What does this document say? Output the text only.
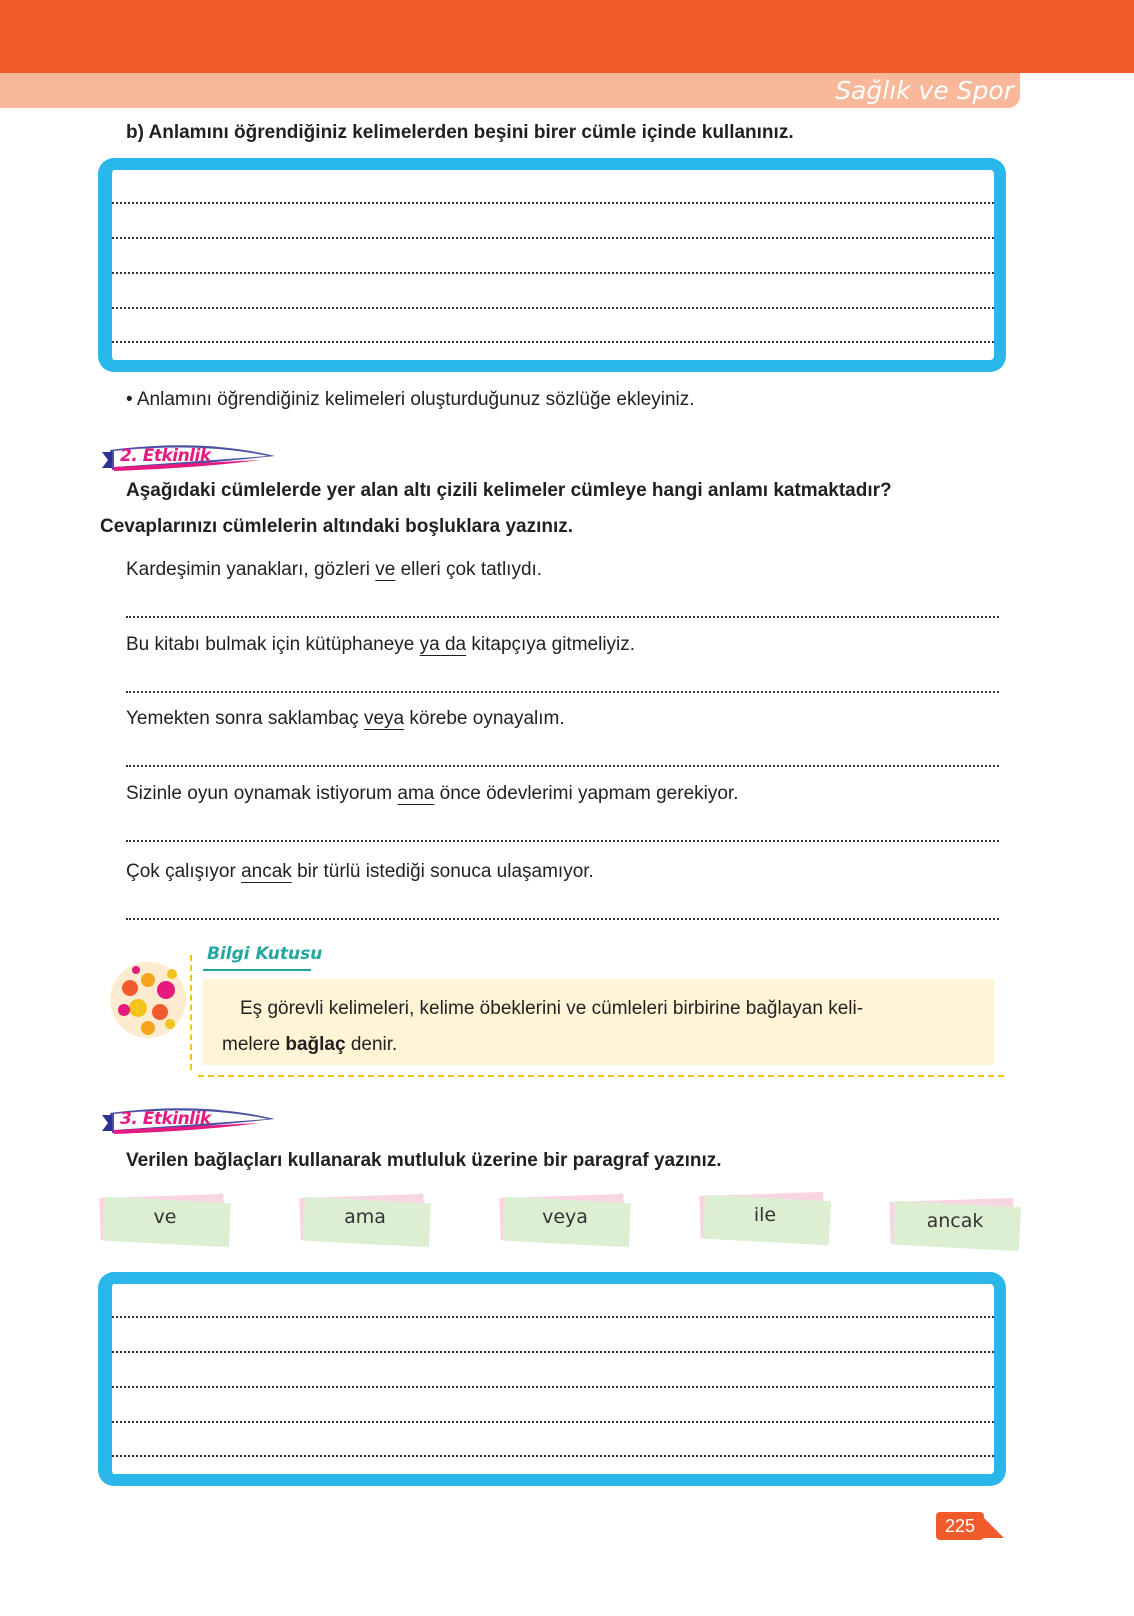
Sağlık ve Spor
b) Anlamını öğrendiğiniz kelimelerden beşini birer cümle içinde kullanınız.
• Anlamını öğrendiğiniz kelimeleri oluşturduğunuz sözlüğe ekleyiniz.
2. Etkinlik
Aşağıdaki cümlelerde yer alan altı çizili kelimeler cümleye hangi anlamı katmaktadır?
Cevaplarınızı cümlelerin altındaki boşluklara yazınız.
Kardeşimin yanakları, gözleri ve elleri çok tatlıydı.
Bu kitabı bulmak için kütüphaneye ya da kitapçıya gitmeliyiz.
Yemekten sonra saklambaç veya körebe oynayalım.
Sizinle oyun oynamak istiyorum ama önce ödevlerimi yapmam gerekiyor.
Çok çalışıyor ancak bir türlü istediği sonuca ulaşamıyor.
Bilgi Kutusu
Eş görevli kelimeleri, kelime öbeklerini ve cümleleri birbirine bağlayan keli-
melere bağlaç denir.
3. Etkinlik
Verilen bağlaçları kullanarak mutluluk üzerine bir paragraf yazınız.
ve	ama	veya	ile	ancak
225
